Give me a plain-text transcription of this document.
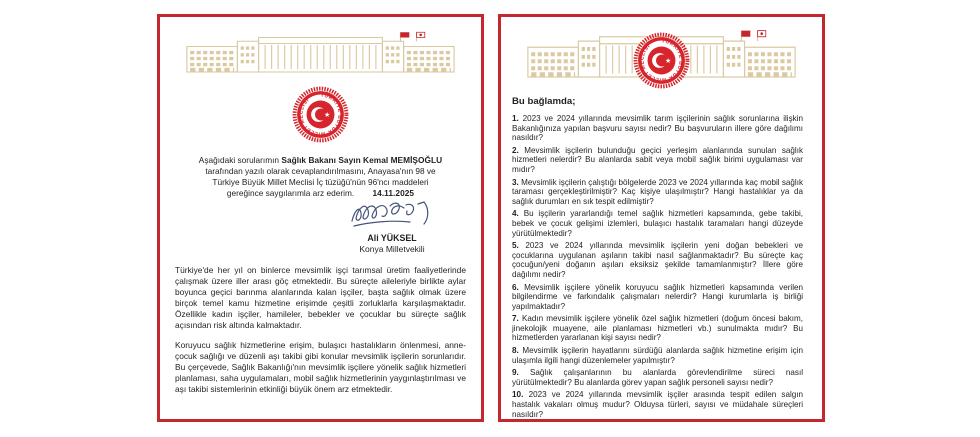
Aşağıdaki sorularımın Sağlık Bakanı Sayın Kemal MEMİŞOĞLU tarafından yazılı olarak cevaplandırılmasını, Anayasa'nın 98 ve Türkiye Büyük Millet Meclisi İç tüzüğü'nün 96'ncı maddeleri gereğince saygılarımla arz ederim. 14.11.2025

Ali YÜKSEL
Konya Milletvekili

Türkiye'de her yıl on binlerce mevsimlik işçi tarımsal üretim faaliyetlerinde çalışmak üzere iller arası göç etmektedir. Bu süreçte aileleriyle birlikte aylar boyunca geçici barınma alanlarında kalan işçiler, başta sağlık olmak üzere birçok temel kamu hizmetine erişimde çeşitli zorluklarla karşılaşmaktadır. Özellikle kadın işçiler, hamileler, bebekler ve çocuklar bu süreçte sağlık açısından risk altında kalmaktadır.

Koruyucu sağlık hizmetlerine erişim, bulaşıcı hastalıkların önlenmesi, anne-çocuk sağlığı ve düzenli aşı takibi gibi konular mevsimlik işçilerin sorunlarıdır. Bu çerçevede, Sağlık Bakanlığı'nın mevsimlik işçilere yönelik sağlık hizmetleri planlaması, saha uygulamaları, mobil sağlık hizmetlerinin yaygınlaştırılması ve aşı takibi sistemlerinin etkinliği büyük önem arz etmektedir.

Bu bağlamda;

1. 2023 ve 2024 yıllarında mevsimlik tarım işçilerinin sağlık sorunlarına ilişkin Bakanlığınıza yapılan başvuru sayısı nedir? Bu başvuruların illere göre dağılımı nasıldır?

2. Mevsimlik işçilerin bulunduğu geçici yerleşim alanlarında sunulan sağlık hizmetleri nelerdir? Bu alanlarda sabit veya mobil sağlık birimi uygulaması var mıdır?

3. Mevsimlik işçilerin çalıştığı bölgelerde 2023 ve 2024 yıllarında kaç mobil sağlık taraması gerçekleştirilmiştir? Kaç kişiye ulaşılmıştır? Hangi hastalıklar ya da sağlık durumları en sık tespit edilmiştir?

4. Bu işçilerin yararlandığı temel sağlık hizmetleri kapsamında, gebe takibi, bebek ve çocuk gelişimi izlemleri, bulaşıcı hastalık taramaları hangi düzeyde yürütülmektedir?

5. 2023 ve 2024 yıllarında mevsimlik işçilerin yeni doğan bebekleri ve çocuklarına uygulanan aşıların takibi nasıl sağlanmaktadır? Bu süreçte kaç çocuğun/yeni doğanın aşıları eksiksiz şekilde tamamlanmıştır? İllere göre dağılımı nedir?

6. Mevsimlik işçilere yönelik koruyucu sağlık hizmetleri kapsamında verilen bilgilendirme ve farkındalık çalışmaları nelerdir? Hangi kurumlarla iş birliği yapılmaktadır?

7. Kadın mevsimlik işçilere yönelik özel sağlık hizmetleri (doğum öncesi bakım, jinekolojik muayene, aile planlaması hizmetleri vb.) sunulmakta mıdır? Bu hizmetlerden yararlanan kişi sayısı nedir?

8. Mevsimlik işçilerin hayatlarını sürdüğü alanlarda sağlık hizmetine erişim için ulaşımla ilgili hangi düzenlemeler yapılmıştır?

9. Sağlık çalışanlarının bu alanlarda görevlendirilme süreci nasıl yürütülmektedir? Bu alanlarda görev yapan sağlık personeli sayısı nedir?

10. 2023 ve 2024 yıllarında mevsimlik işçiler arasında tespit edilen salgın hastalık vakaları olmuş mudur? Olduysa türleri, sayısı ve müdahale süreçleri nasıldır?
